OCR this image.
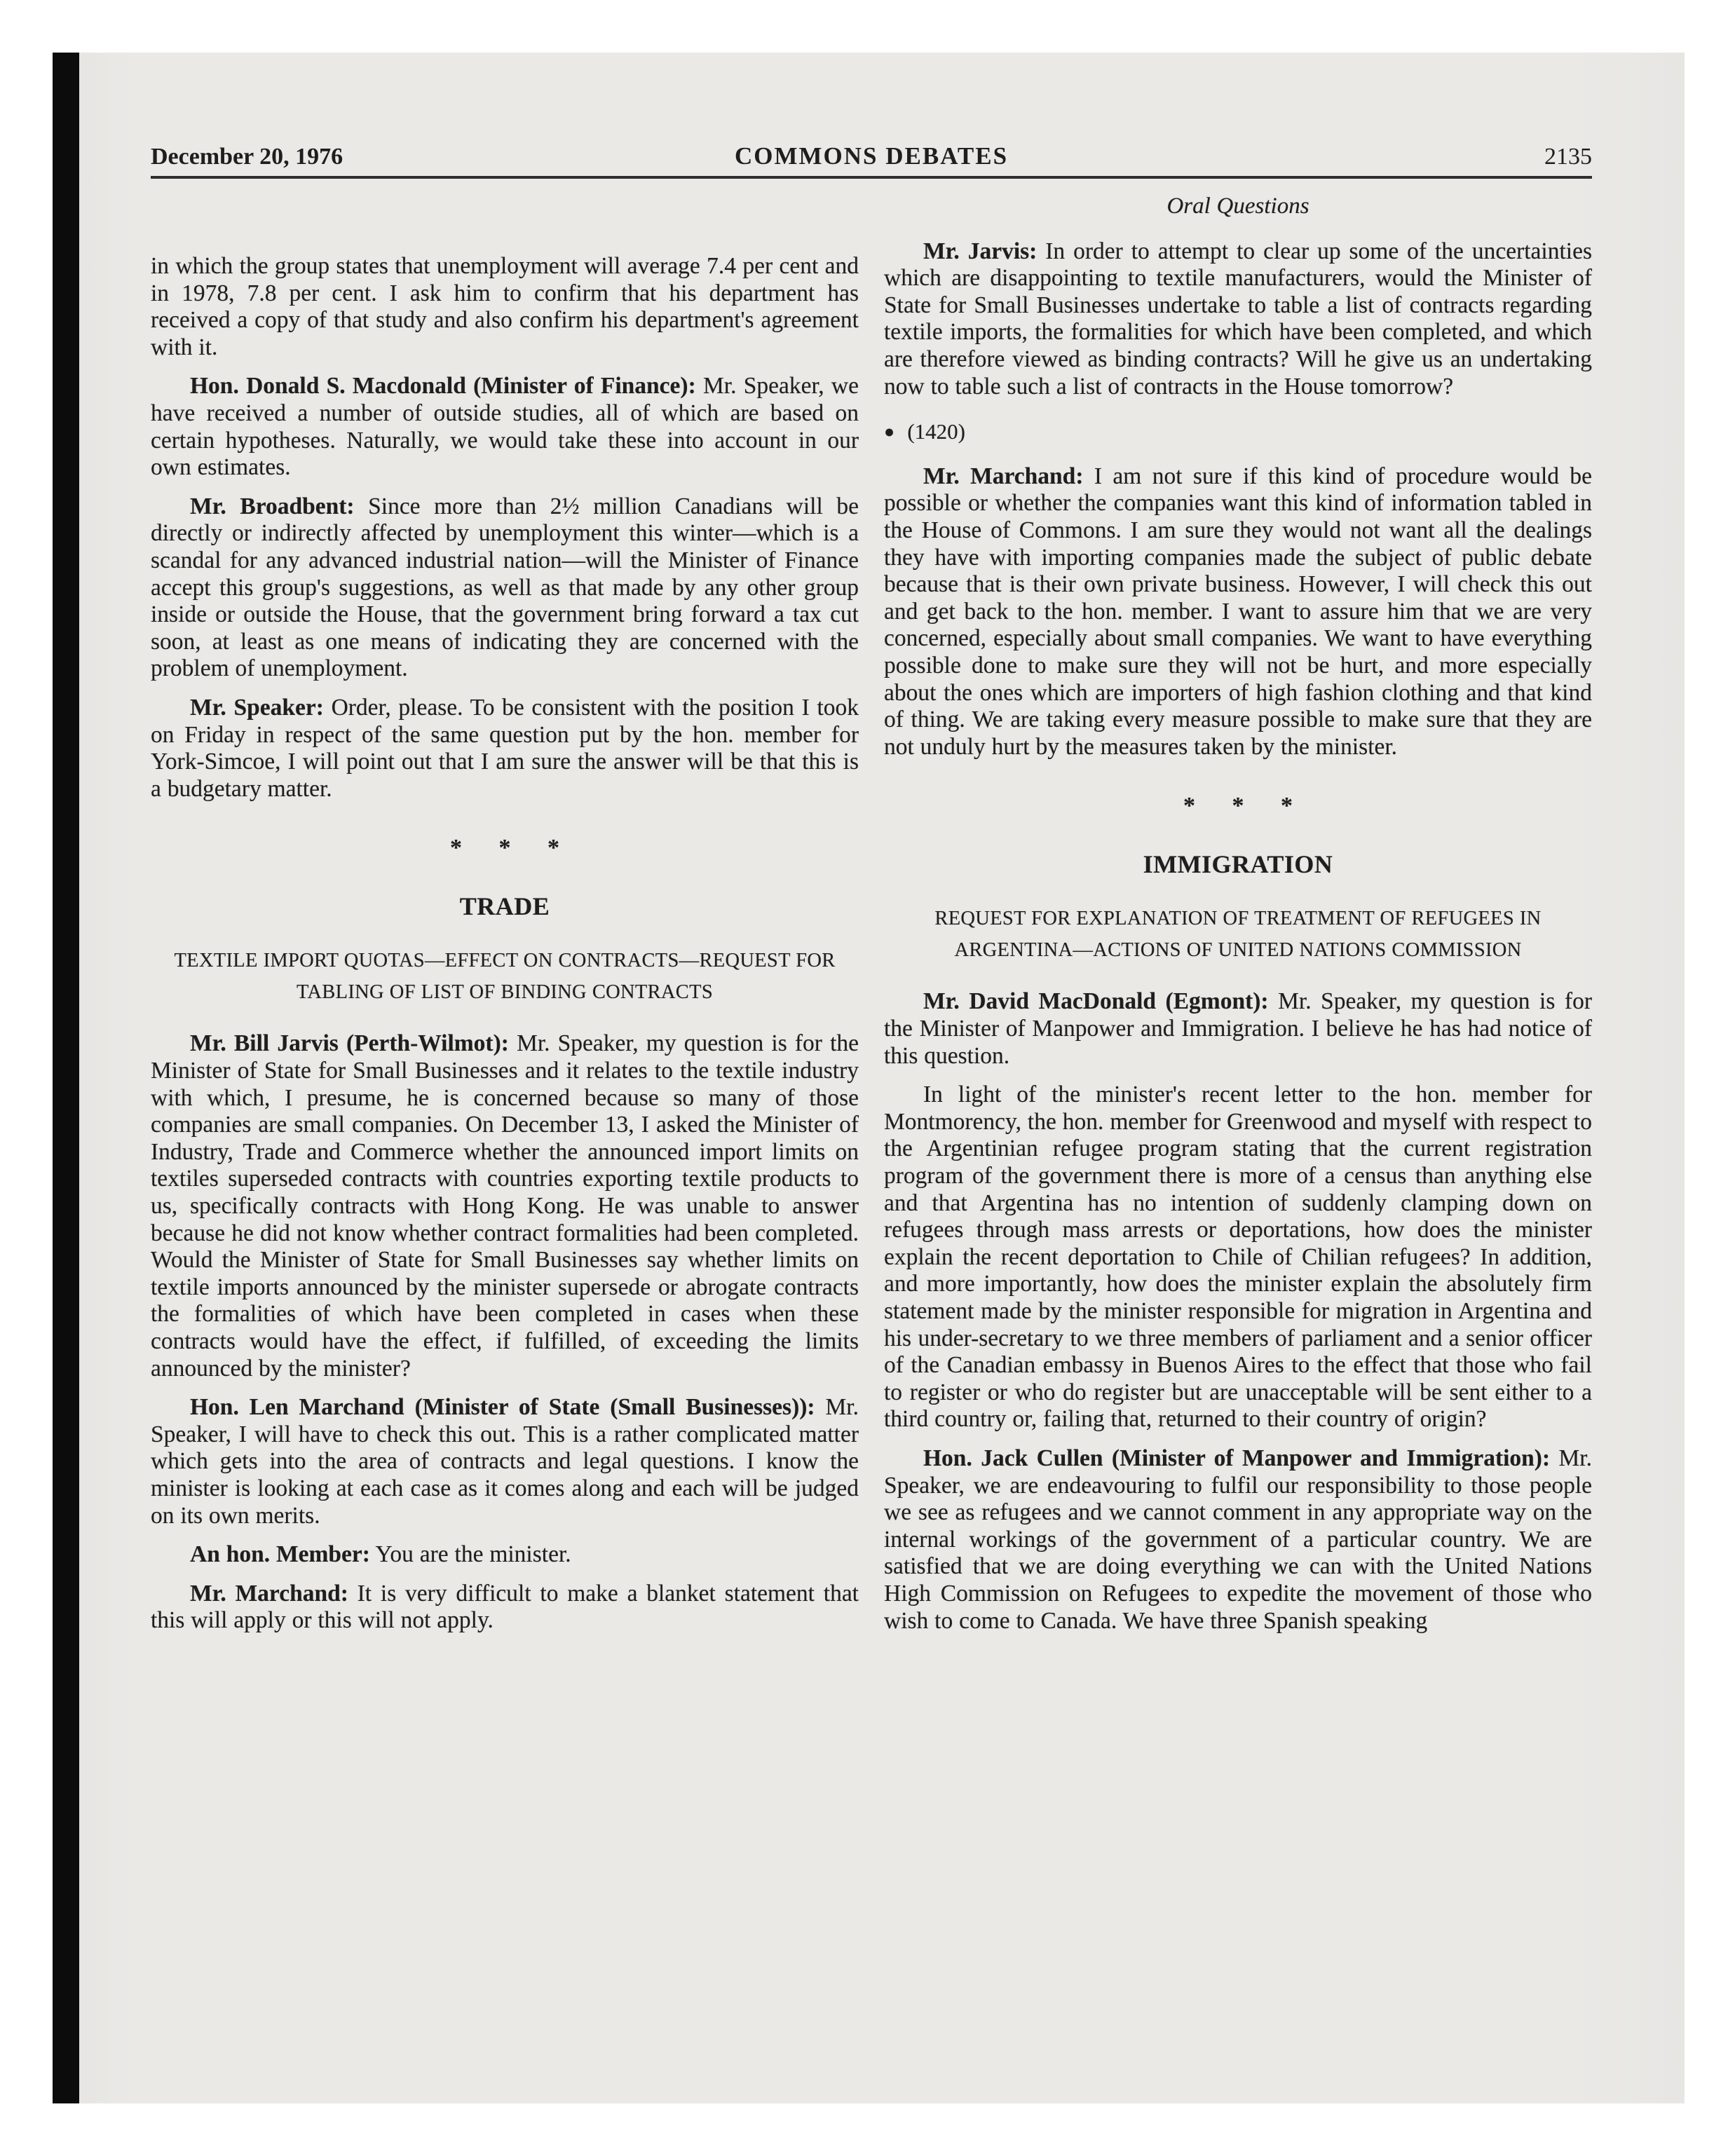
December 20, 1976	COMMONS DEBATES	2135

in which the group states that unemployment will average 7.4 per cent and in 1978, 7.8 per cent. I ask him to confirm that his department has received a copy of that study and also confirm his department's agreement with it.

Hon. Donald S. Macdonald (Minister of Finance): Mr. Speaker, we have received a number of outside studies, all of which are based on certain hypotheses. Naturally, we would take these into account in our own estimates.

Mr. Broadbent: Since more than 2½ million Canadians will be directly or indirectly affected by unemployment this winter—which is a scandal for any advanced industrial nation—will the Minister of Finance accept this group's suggestions, as well as that made by any other group inside or outside the House, that the government bring forward a tax cut soon, at least as one means of indicating they are concerned with the problem of unemployment.

Mr. Speaker: Order, please. To be consistent with the position I took on Friday in respect of the same question put by the hon. member for York-Simcoe, I will point out that I am sure the answer will be that this is a budgetary matter.

* * *
TRADE
TEXTILE IMPORT QUOTAS—EFFECT ON CONTRACTS—REQUEST FOR TABLING OF LIST OF BINDING CONTRACTS

Mr. Bill Jarvis (Perth-Wilmot): Mr. Speaker, my question is for the Minister of State for Small Businesses and it relates to the textile industry with which, I presume, he is concerned because so many of those companies are small companies. On December 13, I asked the Minister of Industry, Trade and Commerce whether the announced import limits on textiles superseded contracts with countries exporting textile products to us, specifically contracts with Hong Kong. He was unable to answer because he did not know whether contract formalities had been completed. Would the Minister of State for Small Businesses say whether limits on textile imports announced by the minister supersede or abrogate contracts the formalities of which have been completed in cases when these contracts would have the effect, if fulfilled, of exceeding the limits announced by the minister?

Hon. Len Marchand (Minister of State (Small Businesses)): Mr. Speaker, I will have to check this out. This is a rather complicated matter which gets into the area of contracts and legal questions. I know the minister is looking at each case as it comes along and each will be judged on its own merits.

An hon. Member: You are the minister.

Mr. Marchand: It is very difficult to make a blanket statement that this will apply or this will not apply.

Oral Questions

Mr. Jarvis: In order to attempt to clear up some of the uncertainties which are disappointing to textile manufacturers, would the Minister of State for Small Businesses undertake to table a list of contracts regarding textile imports, the formalities for which have been completed, and which are therefore viewed as binding contracts? Will he give us an undertaking now to table such a list of contracts in the House tomorrow?

● (1420)

Mr. Marchand: I am not sure if this kind of procedure would be possible or whether the companies want this kind of information tabled in the House of Commons. I am sure they would not want all the dealings they have with importing companies made the subject of public debate because that is their own private business. However, I will check this out and get back to the hon. member. I want to assure him that we are very concerned, especially about small companies. We want to have everything possible done to make sure they will not be hurt, and more especially about the ones which are importers of high fashion clothing and that kind of thing. We are taking every measure possible to make sure that they are not unduly hurt by the measures taken by the minister.

* * *
IMMIGRATION
REQUEST FOR EXPLANATION OF TREATMENT OF REFUGEES IN ARGENTINA—ACTIONS OF UNITED NATIONS COMMISSION

Mr. David MacDonald (Egmont): Mr. Speaker, my question is for the Minister of Manpower and Immigration. I believe he has had notice of this question.

In light of the minister's recent letter to the hon. member for Montmorency, the hon. member for Greenwood and myself with respect to the Argentinian refugee program stating that the current registration program of the government there is more of a census than anything else and that Argentina has no intention of suddenly clamping down on refugees through mass arrests or deportations, how does the minister explain the recent deportation to Chile of Chilian refugees? In addition, and more importantly, how does the minister explain the absolutely firm statement made by the minister responsible for migration in Argentina and his under-secretary to we three members of parliament and a senior officer of the Canadian embassy in Buenos Aires to the effect that those who fail to register or who do register but are unacceptable will be sent either to a third country or, failing that, returned to their country of origin?

Hon. Jack Cullen (Minister of Manpower and Immigration): Mr. Speaker, we are endeavouring to fulfil our responsibility to those people we see as refugees and we cannot comment in any appropriate way on the internal workings of the government of a particular country. We are satisfied that we are doing everything we can with the United Nations High Commission on Refugees to expedite the movement of those who wish to come to Canada. We have three Spanish speaking
